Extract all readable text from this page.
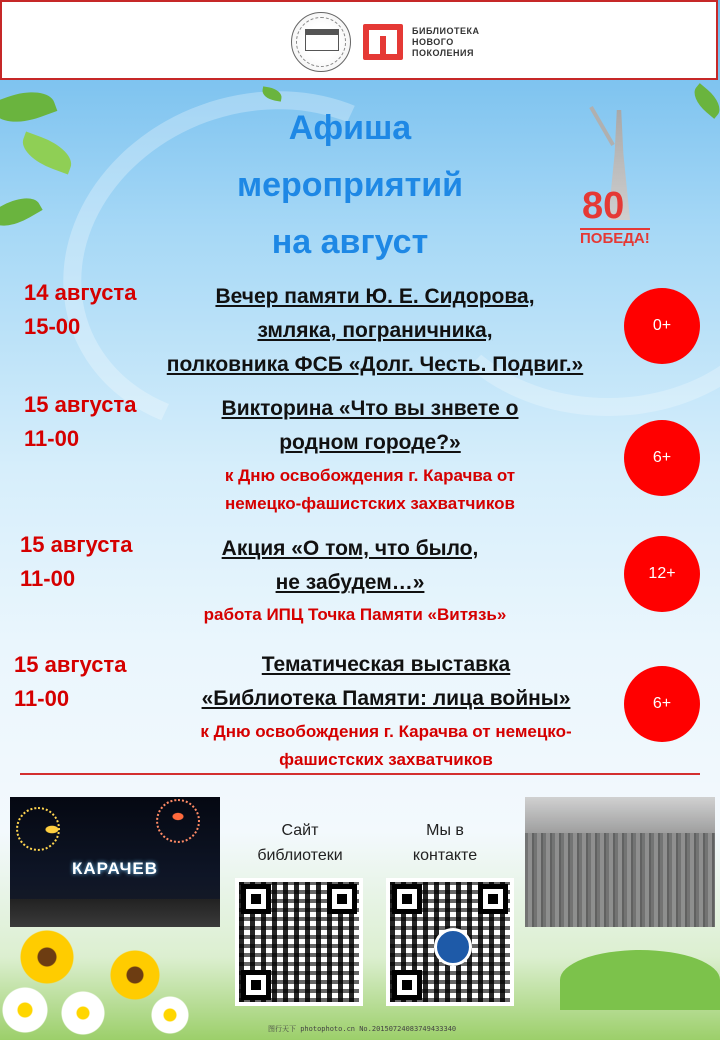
БИБЛИОТЕКА
НОВОГО
ПОКОЛЕНИЯ
Афиша
мероприятий
на август
80
ПОБЕДА!
14 августа
15-00
Вечер памяти Ю. Е. Сидорова,
змляка, пограничника,
полковника ФСБ «Долг. Честь. Подвиг.»
0+
15 августа
11-00
Викторина «Что вы знвете о
родном городе?»
к Дню освобождения г. Карачва от
немецко-фашистских захватчиков
6+
15 августа
11-00
Акция «О том, что было,
не забудем…»
работа ИПЦ Точка Памяти «Витязь»
12+
15 августа
11-00
Тематическая выставка
«Библиотека Памяти: лица войны»
к Дню освобождения г. Карачва от немецко-
фашистских захватчиков
6+
КАРАЧЕВ
Сайт
библиотеки
Мы в
контакте
图行天下 photophoto.cn No.20150724083749433340
